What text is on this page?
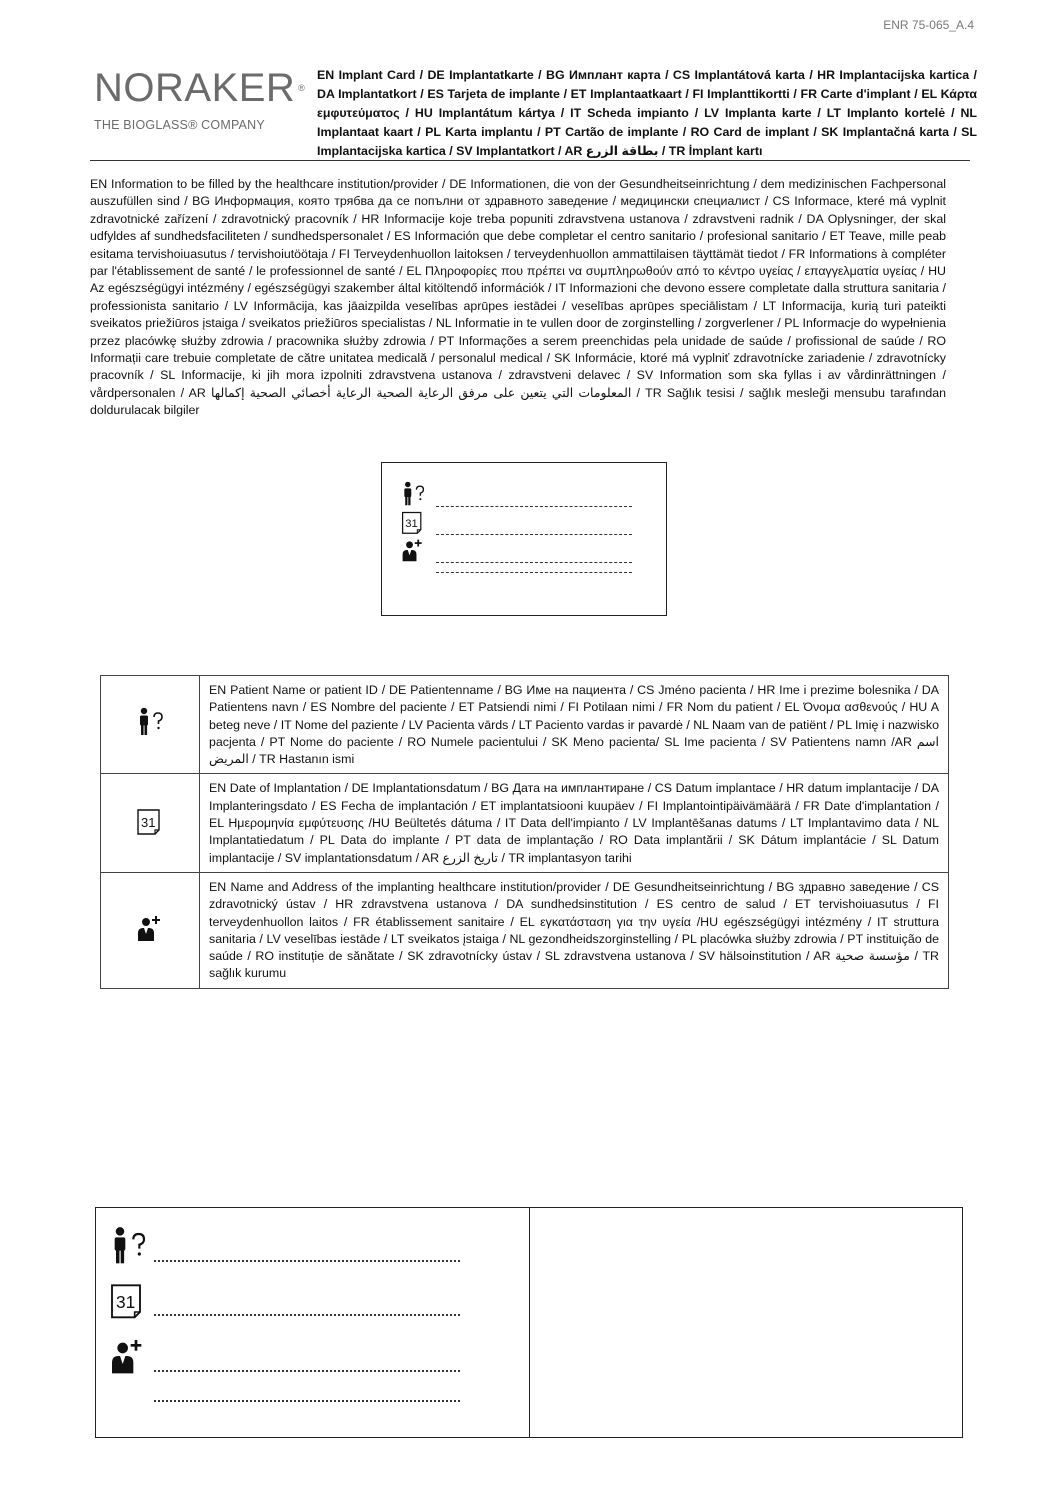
ENR 75-065_A.4
NORAKER ®
THE BIOGLASS® COMPANY
EN Implant Card / DE Implantatkarte / BG Имплант карта / CS Implantátová karta / HR Implantacijska kartica / DA Implantatkort / ES Tarjeta de implante / ET Implantaatkaart / FI Implanttikortti / FR Carte d'implant / EL Κάρτα εμφυτεύματος / HU Implantátum kártya / IT Scheda impianto / LV Implanta karte / LT Implanto kortelė / NL Implantaat kaart / PL Karta implantu / PT Cartão de implante / RO Card de implant / SK Implantačná karta / SL Implantacijska kartica / SV Implantatkort / AR بطاقة الزرع / TR İmplant kartı
EN Information to be filled by the healthcare institution/provider / DE Informationen, die von der Gesundheitseinrichtung / dem medizinischen Fachpersonal auszufüllen sind / BG Информация, която трябва да се попълни от здравното заведение / медицински специалист / CS Informace, které má vyplnit zdravotnické zařízení / zdravotnický pracovník / HR Informacije koje treba popuniti zdravstvena ustanova / zdravstveni radnik / DA Oplysninger, der skal udfyldes af sundhedsfaciliteten / sundhedspersonalet / ES Información que debe completar el centro sanitario / profesional sanitario / ET Teave, mille peab esitama tervishoiuasutus / tervishoiutöötaja / FI Terveydenhuollon laitoksen / terveydenhuollon ammattilaisen täyttämät tiedot / FR Informations à compléter par l'établissement de santé / le professionnel de santé / EL Πληροφορίες που πρέπει να συμπληρωθούν από το κέντρο υγείας / επαγγελματία υγείας / HU Az egészségügyi intézmény / egészségügyi szakember által kitöltendő információk / IT Informazioni che devono essere completate dalla struttura sanitaria / professionista sanitario / LV Informācija, kas jāaizpilda veselības aprūpes iestādei / veselības aprūpes speciālistam / LT Informacija, kurią turi pateikti sveikatos priežiūros įstaiga / sveikatos priežiūros specialistas / NL Informatie in te vullen door de zorginstelling / zorgverlener / PL Informacje do wypełnienia przez placówkę służby zdrowia / pracownika służby zdrowia / PT Informações a serem preenchidas pela unidade de saúde / profissional de saúde / RO Informații care trebuie completate de către unitatea medicală / personalul medical / SK Informácie, ktoré má vyplniť zdravotnícke zariadenie / zdravotnícky pracovník / SL Informacije, ki jih mora izpolniti zdravstvena ustanova / zdravstveni delavec / SV Information som ska fyllas i av vårdinrättningen / vårdpersonalen / AR المعلومات التي يتعين على مرفق الرعاية الصحية الرعاية أخصائي الصحية إكمالها / TR Sağlık tesisi / sağlık mesleği mensubu tarafından doldurulacak bilgiler
31

EN Patient Name or patient ID / DE Patientenname / BG Име на пациента / CS Jméno pacienta / HR Ime i prezime bolesnika / DA Patientens navn / ES Nombre del paciente / ET Patsiendi nimi / FI Potilaan nimi / FR Nom du patient / EL Όνομα ασθενούς / HU A beteg neve / IT Nome del paziente / LV Pacienta vārds / LT Paciento vardas ir pavardė / NL Naam van de patiënt / PL Imię i nazwisko pacjenta / PT Nome do paciente / RO Numele pacientului / SK Meno pacienta/ SL Ime pacienta / SV Patientens namn /AR اسم المريض / TR Hastanın ismi

31	EN Date of Implantation / DE Implantationsdatum / BG Дата на имплантиране / CS Datum implantace / HR datum implantacije / DA Implanteringsdato / ES Fecha de implantación / ET implantatsiooni kuupäev / FI Implantointipäivämäärä / FR Date d'implantation / EL Ημερομηνία εμφύτευσης /HU Beültetés dátuma / IT Data dell'impianto / LV Implantēšanas datums / LT Implantavimo data / NL Implantatiedatum / PL Data do implante / PT data de implantação / RO Data implantării / SK Dátum implantácie / SL Datum implantacije / SV implantationsdatum / AR تاريخ الزرع / TR implantasyon tarihi

EN Name and Address of the implanting healthcare institution/provider / DE Gesundheitseinrichtung / BG здравно заведение / CS zdravotnický ústav / HR zdravstvena ustanova / DA sundhedsinstitution / ES centro de salud / ET tervishoiuasutus / FI terveydenhuollon laitos / FR établissement sanitaire / EL εγκατάσταση για την υγεία /HU egészségügyi intézmény / IT struttura sanitaria / LV veselības iestāde / LT sveikatos įstaiga / NL gezondheidszorginstelling / PL placówka służby zdrowia / PT instituição de saúde / RO instituție de sănătate / SK zdravotnícky ústav / SL zdravstvena ustanova / SV hälsoinstitution / AR مؤسسة صحية / TR sağlık kurumu
31
